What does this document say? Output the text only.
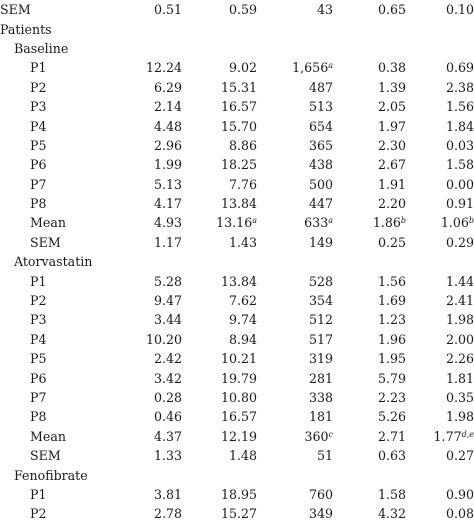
SEM	0.51	0.59	43	0.65	0.10
Patients					
Baseline					
P1	12.24	9.02	1,656$^a$	0.38	0.69
P2	6.29	15.31	487	1.39	2.38
P3	2.14	16.57	513	2.05	1.56
P4	4.48	15.70	654	1.97	1.84
P5	2.96	8.86	365	2.30	0.03
P6	1.99	18.25	438	2.67	1.58
P7	5.13	7.76	500	1.91	0.00
P8	4.17	13.84	447	2.20	0.91
Mean	4.93	13.16$^a$	633$^a$	1.86$^b$	1.06$^b$
SEM	1.17	1.43	149	0.25	0.29
Atorvastatin					
P1	5.28	13.84	528	1.56	1.44
P2	9.47	7.62	354	1.69	2.41
P3	3.44	9.74	512	1.23	1.98
P4	10.20	8.94	517	1.96	2.00
P5	2.42	10.21	319	1.95	2.26
P6	3.42	19.79	281	5.79	1.81
P7	0.28	10.80	338	2.23	0.35
P8	0.46	16.57	181	5.26	1.98
Mean	4.37	12.19	360$^c$	2.71	1.77$^{d,e}$
SEM	1.33	1.48	51	0.63	0.27
Fenofibrate					
P1	3.81	18.95	760	1.58	0.90
P2	2.78	15.27	349	4.32	0.08
